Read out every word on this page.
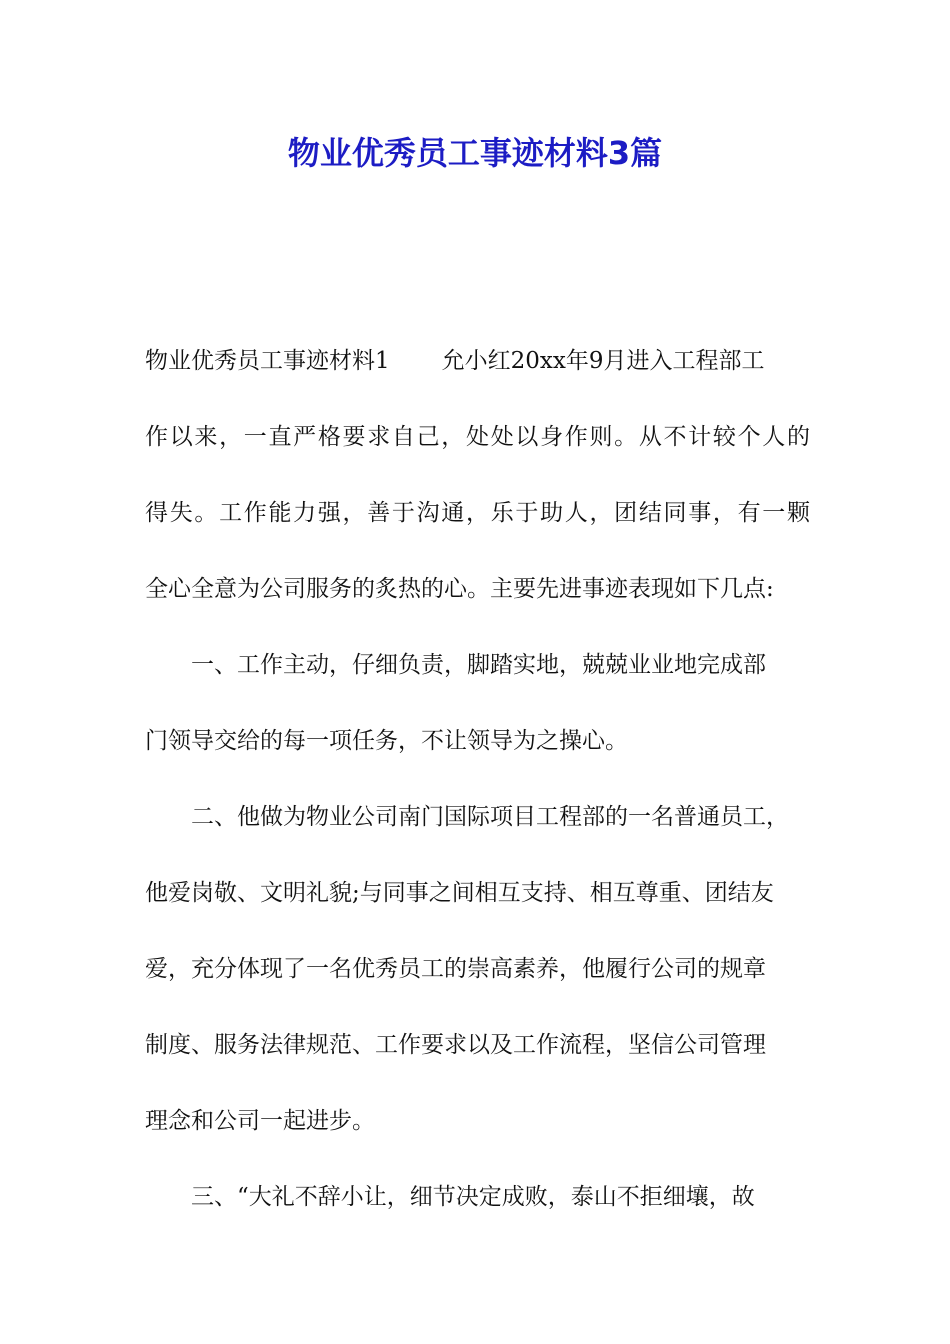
物业优秀员工事迹材料3篇

物业优秀员工事迹材料1 允小红20xx年9月进入工程部工

作以来，一直严格要求自己，处处以身作则。从不计较个人的

得失。工作能力强，善于沟通，乐于助人，团结同事，有一颗

全心全意为公司服务的炙热的心。主要先进事迹表现如下几点:

一、工作主动，仔细负责，脚踏实地，兢兢业业地完成部

门领导交给的每一项任务，不让领导为之操心。

二、他做为物业公司南门国际项目工程部的一名普通员工，

他爱岗敬、文明礼貌;与同事之间相互支持、相互尊重、团结友

爱，充分体现了一名优秀员工的崇高素养，他履行公司的规章

制度、服务法律规范、工作要求以及工作流程，坚信公司管理

理念和公司一起进步。

三、“大礼不辞小让，细节决定成败，泰山不拒细壤，故
